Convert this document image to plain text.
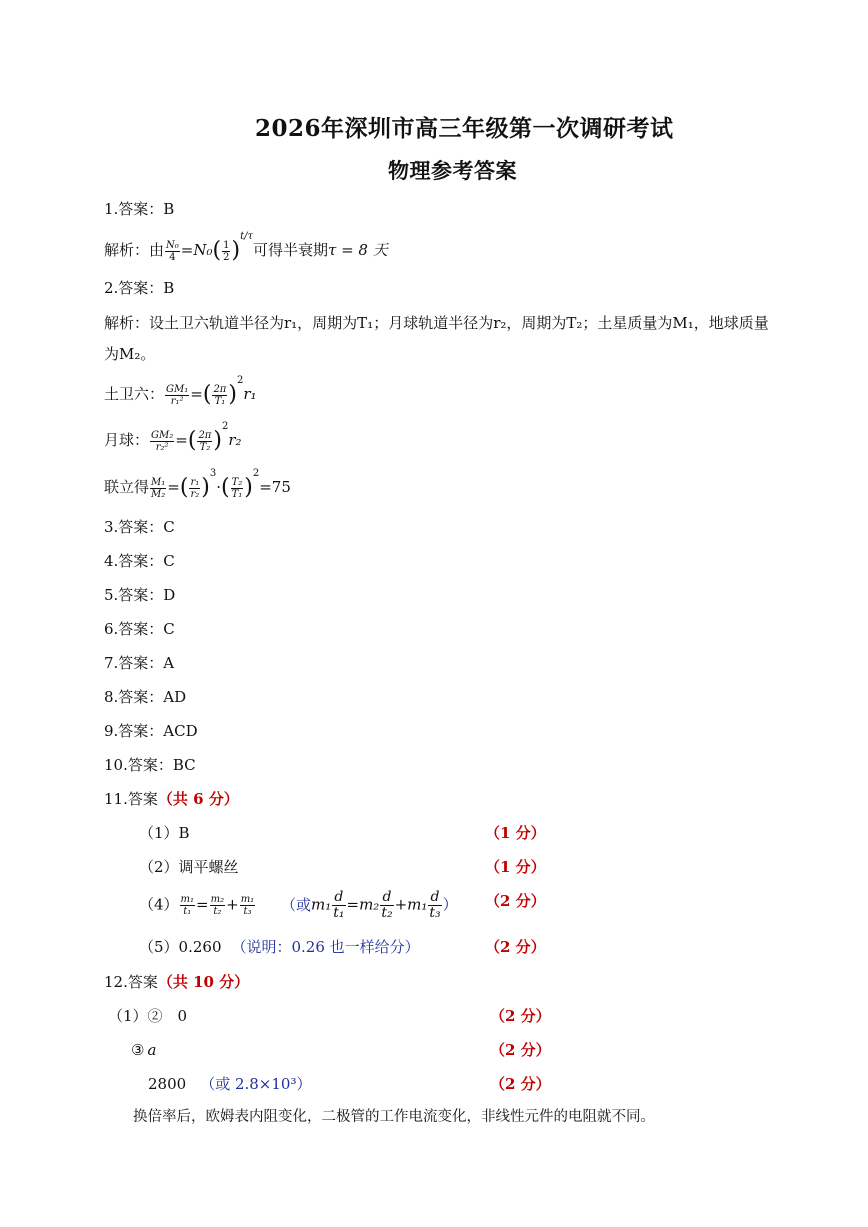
2026年深圳市高三年级第一次调研考试
物理参考答案
1.答案：B
解析：由 $\frac{\text{N₀}}{4} =N_0( \frac{1}{2} )^{t/\tau}$可得半衰期τ = 8 天
2.答案：B
解析：设土卫六轨道半径为r₁，周期为T₁；月球轨道半径为r₂，周期为T₂；土星质量为M₁，地球质量
为M₂。
土卫六： $\frac{\text{GM₁}}{\text{r₁²}}$ =( $\frac{2\pi}{\text{T₁}} )^2r_1$
月球： $\frac{\text{GM₂}}{\text{r₂²}}$ =( $\frac{2\pi}{\text{T₂}} )^2r_2$
联立得 $\frac{\text{M₁}}{\text{M₂}}$ =( $\frac{\text{r₁}}{\text{r₂}} )^3\cdot( \frac{\text{T₂}}{\text{T₁}} )^2=75$
3.答案：C
4.答案：C
5.答案：D
6.答案：C
7.答案：A
8.答案：AD
9.答案：ACD
10.答案：BC
11.答案（共 6 分）
（1）B	（1 分）
（2）调平螺丝	（1 分）
$(4) \frac{\text{m₁}}{\text{t₁}} = \frac{\text{m₂}}{\text{t₂}} + \frac{\text{m₁}}{\text{t₃}}$ （或$m_1 \frac{d}{\text{t₁}} =m_2 \frac{d}{\text{t₂}} +m_1 \frac{d}{\text{t₃}}$ ） （2 分）
（5）0.260 （说明：0.26 也一样给分）	（2 分）
12.答案（共 10 分）
（1）②　0	（2 分）
③ a	（2 分）
2800 （或 2.8×10³）	（2 分）
换倍率后，欧姆表内阻变化，二极管的工作电流变化，非线性元件的电阻就不同。
